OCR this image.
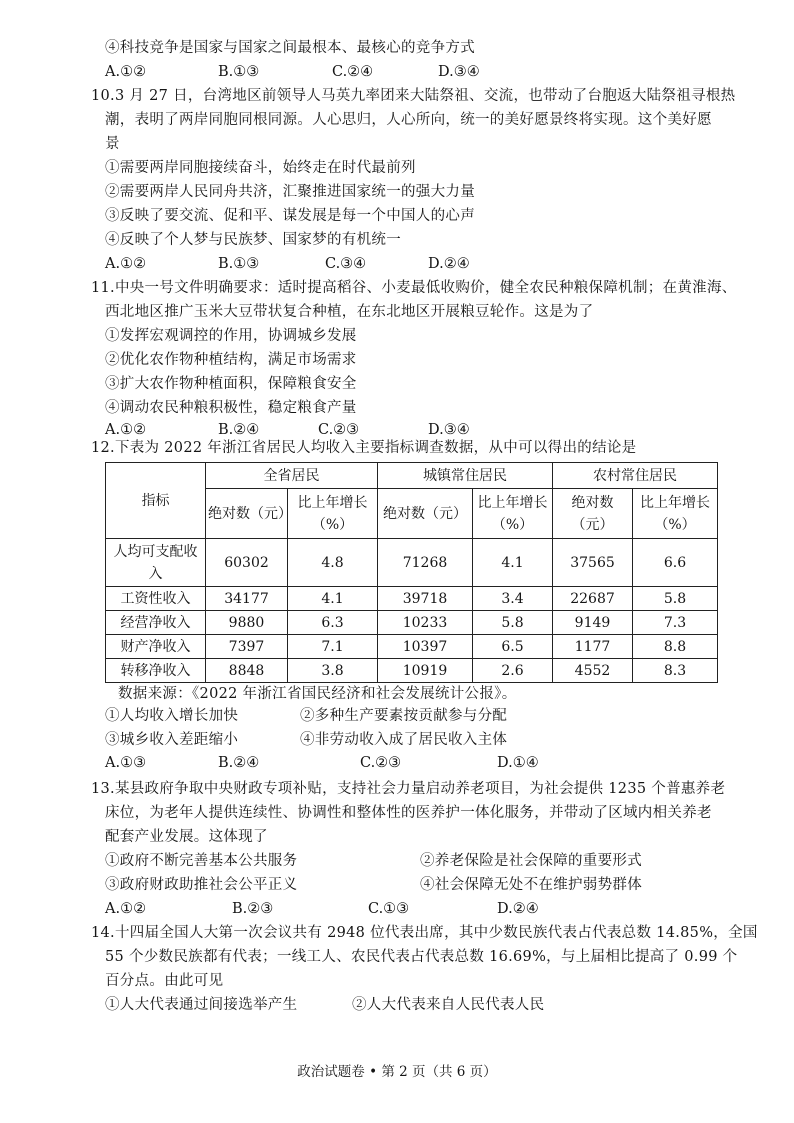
④科技竞争是国家与国家之间最根本、最核心的竞争方式
A.①②	B.①③	C.②④	D.③④
10.3 月 27 日，台湾地区前领导人马英九率团来大陆祭祖、交流，也带动了台胞返大陆祭祖寻根热
潮，表明了两岸同胞同根同源。人心思归，人心所向，统一的美好愿景终将实现。这个美好愿
景
①需要两岸同胞接续奋斗，始终走在时代最前列
②需要两岸人民同舟共济，汇聚推进国家统一的强大力量
③反映了要交流、促和平、谋发展是每一个中国人的心声
④反映了个人梦与民族梦、国家梦的有机统一
A.①②	B.①③	C.③④	D.②④
11.中央一号文件明确要求：适时提高稻谷、小麦最低收购价，健全农民种粮保障机制；在黄淮海、
西北地区推广玉米大豆带状复合种植，在东北地区开展粮豆轮作。这是为了
①发挥宏观调控的作用，协调城乡发展
②优化农作物种植结构，满足市场需求
③扩大农作物种植面积，保障粮食安全
④调动农民种粮积极性，稳定粮食产量
A.①②	B.②④	C.②③	D.③④
12.下表为 2022 年浙江省居民人均收入主要指标调查数据，从中可以得出的结论是
指标	全省居民		城镇常住居民		农村常住居民	
	绝对数（元）	比上年增长（%）	绝对数（元）	比上年增长（%）	绝对数（元）	比上年增长（%）
人均可支配收入	60302	4.8	71268	4.1	37565	6.6
工资性收入	34177	4.1	39718	3.4	22687	5.8
经营净收入	9880	6.3	10233	5.8	9149	7.3
财产净收入	7397	7.1	10397	6.5	1177	8.8
转移净收入	8848	3.8	10919	2.6	4552	8.3
数据来源：《2022 年浙江省国民经济和社会发展统计公报》。
①人均收入增长加快	②多种生产要素按贡献参与分配
③城乡收入差距缩小	④非劳动收入成了居民收入主体
A.①③	B.②④	C.②③	D.①④
13.某县政府争取中央财政专项补贴，支持社会力量启动养老项目，为社会提供 1235 个普惠养老
床位，为老年人提供连续性、协调性和整体性的医养护一体化服务，并带动了区域内相关养老
配套产业发展。这体现了
①政府不断完善基本公共服务	②养老保险是社会保障的重要形式
③政府财政助推社会公平正义	④社会保障无处不在维护弱势群体
A.①②	B.②③	C.①③	D.②④
14.十四届全国人大第一次会议共有 2948 位代表出席，其中少数民族代表占代表总数 14.85%，全国
55 个少数民族都有代表；一线工人、农民代表占代表总数 16.69%，与上届相比提高了 0.99 个
百分点。由此可见
①人大代表通过间接选举产生	②人大代表来自人民代表人民
政治试题卷 • 第 2 页（共 6 页）
